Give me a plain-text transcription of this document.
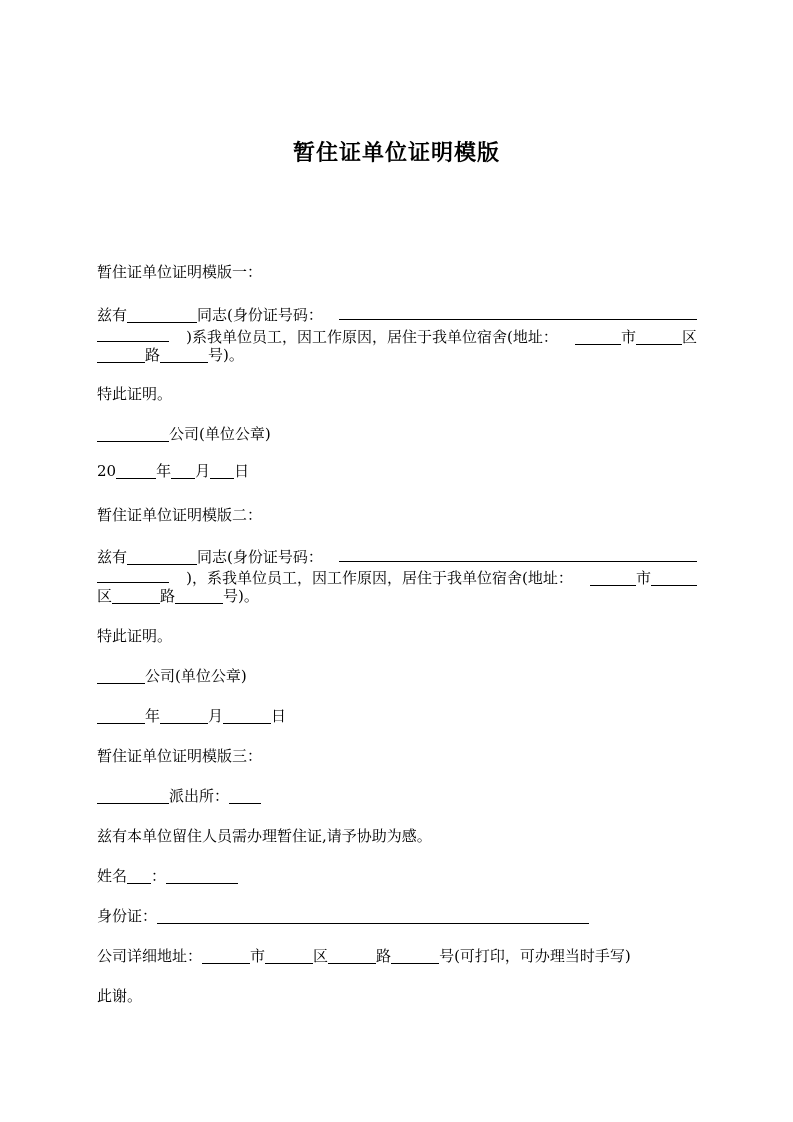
暂住证单位证明模版
暂住证单位证明模版一：
兹有	同志(身份证号码：
)系我单位员工，因工作原因，居住于我单位宿舍(地址：	市	区
路	号)。
特此证明。
公司(单位公章)
20	年 月 日
暂住证单位证明模版二：
兹有	同志(身份证号码：
)，系我单位员工，因工作原因，居住于我单位宿舍(地址：	市
区	路	号)。
特此证明。
公司(单位公章)
年	月	日
暂住证单位证明模版三：
派出所：
兹有本单位留住人员需办理暂住证,请予协助为感。
姓名 ：
身份证：
公司详细地址：	市	区	路	号(可打印，可办理当时手写)
此谢。
